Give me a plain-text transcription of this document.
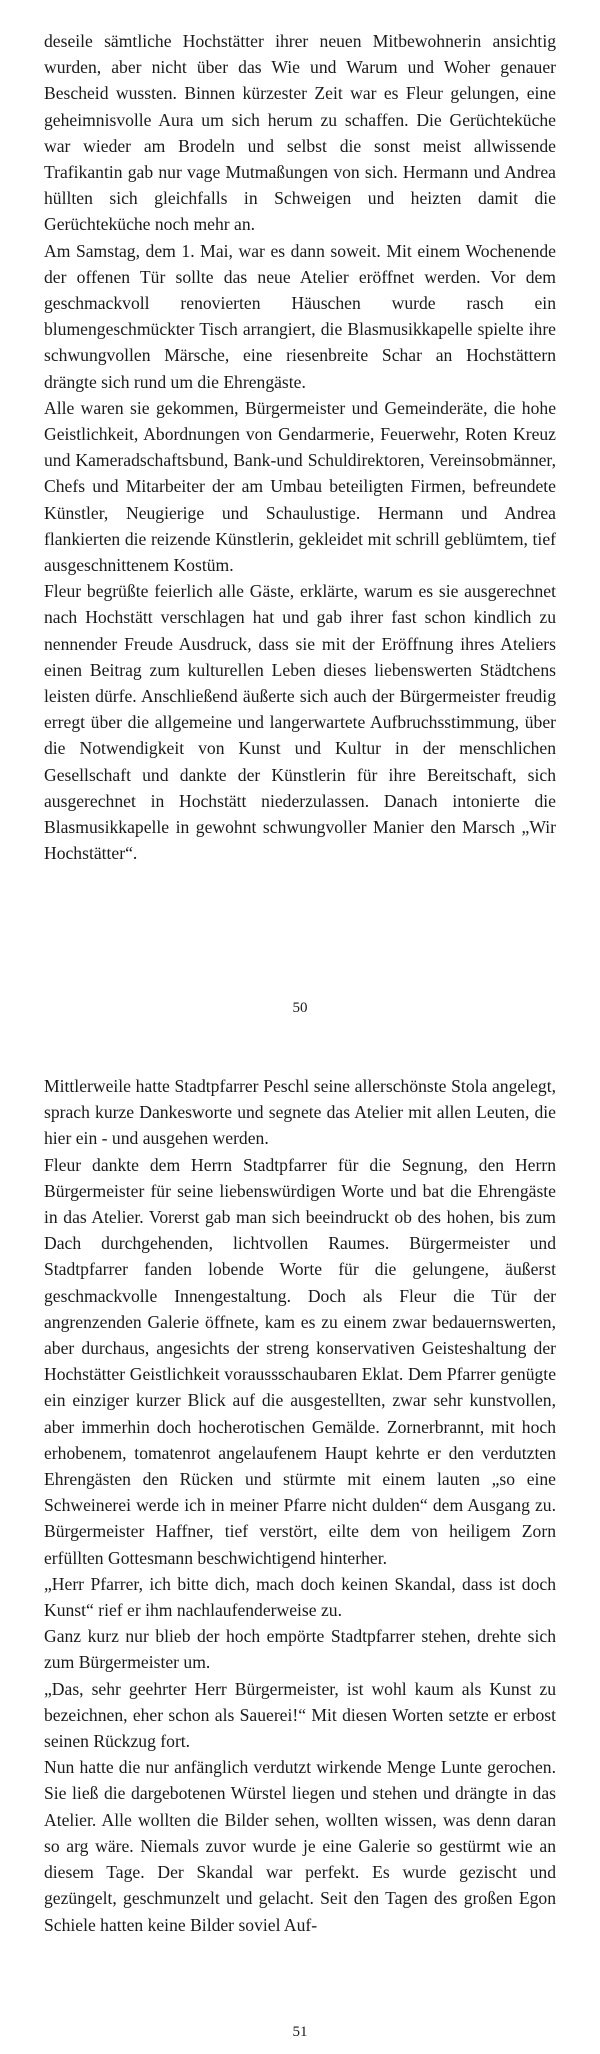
deseile sämtliche Hochstätter ihrer neuen Mitbewohnerin ansichtig wurden, aber nicht über das Wie und Warum und Woher genauer Bescheid wussten. Binnen kürzester Zeit war es Fleur gelungen, eine geheimnisvolle Aura um sich herum zu schaffen. Die Gerüchteküche war wieder am Brodeln und selbst die sonst meist allwissende Trafikantin gab nur vage Mutmaßungen von sich. Hermann und Andrea hüllten sich gleichfalls in Schweigen und heizten damit die Gerüchteküche noch mehr an.

Am Samstag, dem 1. Mai, war es dann soweit. Mit einem Wochenende der offenen Tür sollte das neue Atelier eröffnet werden. Vor dem geschmackvoll renovierten Häuschen wurde rasch ein blumengeschmückter Tisch arrangiert, die Blasmusikkapelle spielte ihre schwungvollen Märsche, eine riesenbreite Schar an Hochstättern drängte sich rund um die Ehrengäste.

Alle waren sie gekommen, Bürgermeister und Gemeinderäte, die hohe Geistlichkeit, Abordnungen von Gendarmerie, Feuerwehr, Roten Kreuz und Kameradschaftsbund, Bank-und Schuldirektoren, Vereinsobmänner, Chefs und Mitarbeiter der am Umbau beteiligten Firmen, befreundete Künstler, Neugierige und Schaulustige. Hermann und Andrea flankierten die reizende Künstlerin, gekleidet mit schrill geblümtem, tief ausgeschnittenem Kostüm.

Fleur begrüßte feierlich alle Gäste, erklärte, warum es sie ausgerechnet nach Hochstätt verschlagen hat und gab ihrer fast schon kindlich zu nennender Freude Ausdruck, dass sie mit der Eröffnung ihres Ateliers einen Beitrag zum kulturellen Leben dieses liebenswerten Städtchens leisten dürfe. Anschließend äußerte sich auch der Bürgermeister freudig erregt über die allgemeine und langerwartete Aufbruchsstimmung, über die Notwendigkeit von Kunst und Kultur in der menschlichen Gesellschaft und dankte der Künstlerin für ihre Bereitschaft, sich ausgerechnet in Hochstätt niederzulassen. Danach intonierte die Blasmusikkapelle in gewohnt schwungvoller Manier den Marsch „Wir Hochstätter“.

50

Mittlerweile hatte Stadtpfarrer Peschl seine allerschönste Stola angelegt, sprach kurze Dankesworte und segnete das Atelier mit allen Leuten, die hier ein - und ausgehen werden.

Fleur dankte dem Herrn Stadtpfarrer für die Segnung, den Herrn Bürgermeister für seine liebenswürdigen Worte und bat die Ehrengäste in das Atelier. Vorerst gab man sich beeindruckt ob des hohen, bis zum Dach durchgehenden, lichtvollen Raumes. Bürgermeister und Stadtpfarrer fanden lobende Worte für die gelungene, äußerst geschmackvolle Innengestaltung. Doch als Fleur die Tür der angrenzenden Galerie öffnete, kam es zu einem zwar bedauernswerten, aber durchaus, angesichts der streng konservativen Geisteshaltung der Hochstätter Geistlichkeit voraussschaubaren Eklat. Dem Pfarrer genügte ein einziger kurzer Blick auf die ausgestellten, zwar sehr kunstvollen, aber immerhin doch hocherotischen Gemälde. Zornerbrannt, mit hoch erhobenem, tomatenrot angelaufenem Haupt kehrte er den verdutzten Ehrengästen den Rücken und stürmte mit einem lauten „so eine Schweinerei werde ich in meiner Pfarre nicht dulden“ dem Ausgang zu. Bürgermeister Haffner, tief verstört, eilte dem von heiligem Zorn erfüllten Gottesmann beschwichtigend hinterher.

„Herr Pfarrer, ich bitte dich, mach doch keinen Skandal, dass ist doch Kunst“ rief er ihm nachlaufenderweise zu.

Ganz kurz nur blieb der hoch empörte Stadtpfarrer stehen, drehte sich zum Bürgermeister um.

„Das, sehr geehrter Herr Bürgermeister, ist wohl kaum als Kunst zu bezeichnen, eher schon als Sauerei!“ Mit diesen Worten setzte er erbost seinen Rückzug fort.

Nun hatte die nur anfänglich verdutzt wirkende Menge Lunte gerochen. Sie ließ die dargebotenen Würstel liegen und stehen und drängte in das Atelier. Alle wollten die Bilder sehen, wollten wissen, was denn daran so arg wäre. Niemals zuvor wurde je eine Galerie so gestürmt wie an diesem Tage. Der Skandal war perfekt. Es wurde gezischt und gezüngelt, geschmunzelt und gelacht. Seit den Tagen des großen Egon Schiele hatten keine Bilder soviel Auf-

51
